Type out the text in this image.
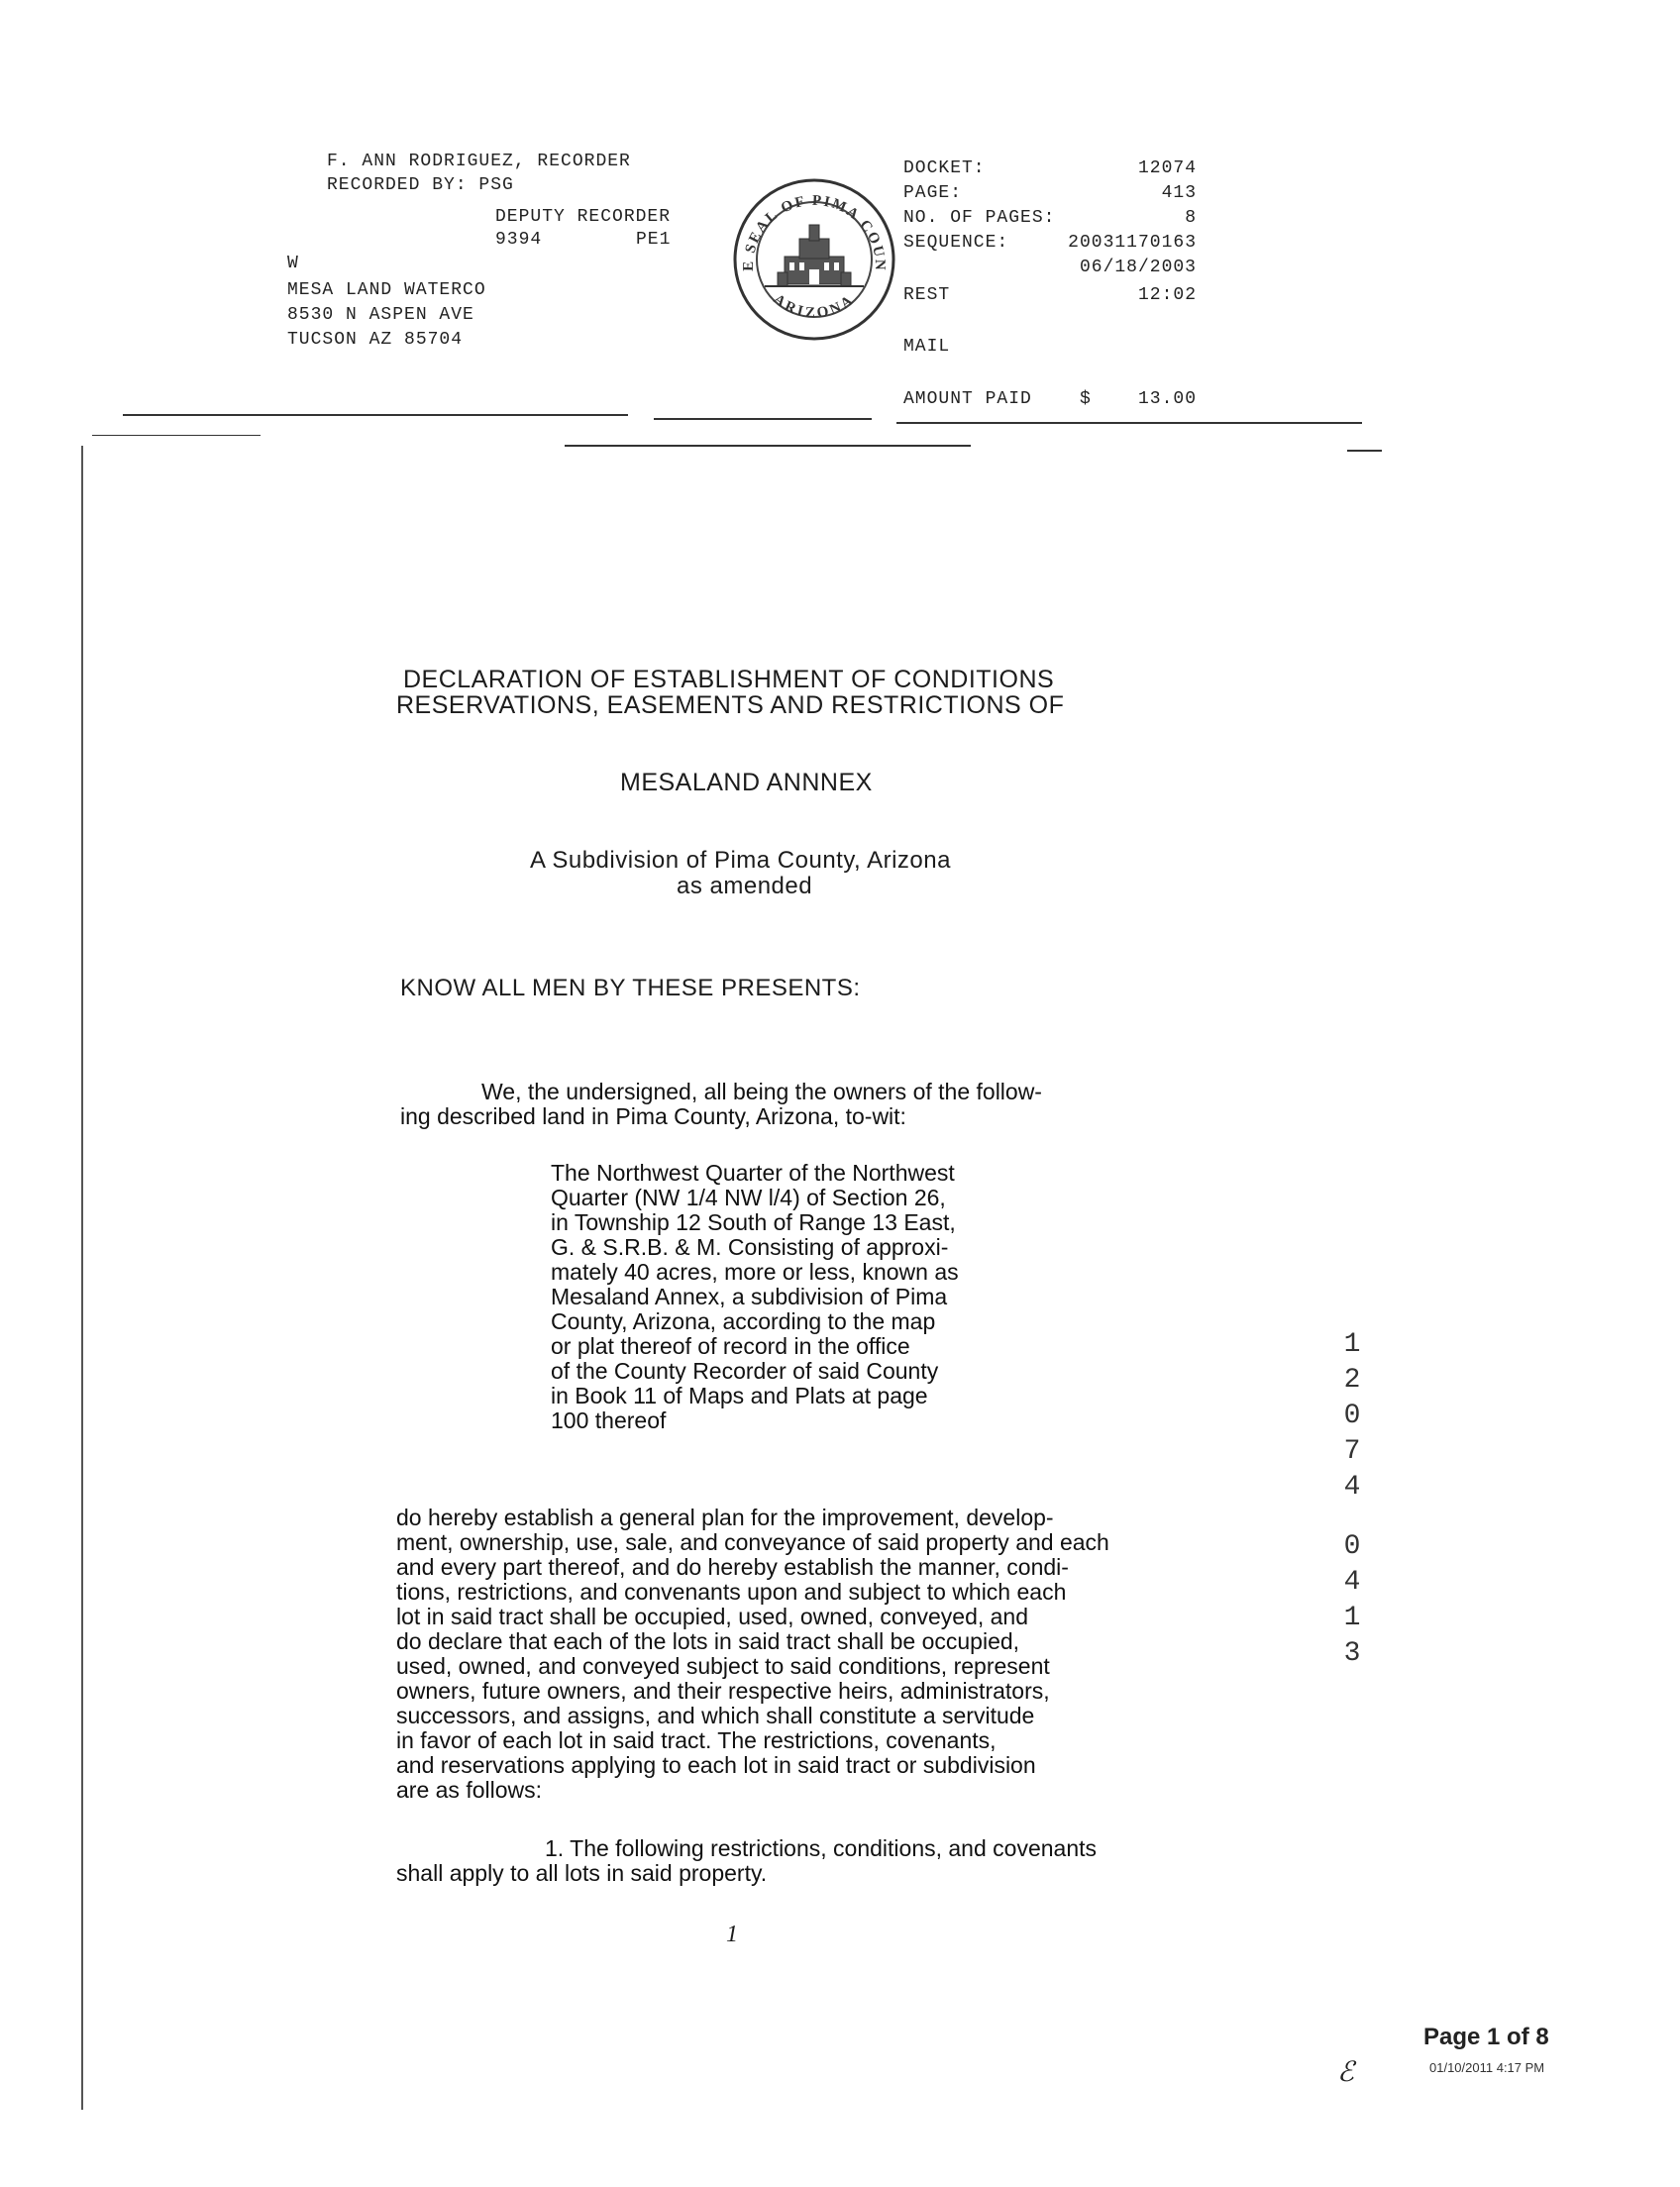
F. ANN RODRIGUEZ, RECORDER
RECORDED BY: PSG
DEPUTY RECORDER
9394	PE1
W
MESA LAND WATERCO
8530 N ASPEN AVE
TUCSON AZ 85704
E SEAL OF PIMA COUN
ARIZONA
DOCKET:	12074
PAGE:	413
NO. OF PAGES:	8
SEQUENCE:	20031170163
06/18/2003
REST	12:02
MAIL
AMOUNT PAID	$	13.00
DECLARATION OF ESTABLISHMENT OF CONDITIONS
RESERVATIONS, EASEMENTS AND RESTRICTIONS OF
MESALAND ANNNEX
A Subdivision of Pima County, Arizona
as amended
KNOW ALL MEN BY THESE PRESENTS:
We, the undersigned, all being the owners of the follow-
ing described land in Pima County, Arizona, to-wit:
The Northwest Quarter of the Northwest
Quarter (NW 1/4 NW l/4) of Section 26,
in Township 12 South of Range 13 East,
G. & S.R.B. & M. Consisting of approxi-
mately 40 acres, more or less, known as
Mesaland Annex, a subdivision of Pima
County, Arizona, according to the map
or plat thereof of record in the office
of the County Recorder of said County
in Book 11 of Maps and Plats at page
100 thereof
1
2
0
7
4
0
4
1
3
do hereby establish a general plan for the improvement, develop-
ment, ownership, use, sale, and conveyance of said property and each
and every part thereof, and do hereby establish the manner, condi-
tions, restrictions, and convenants upon and subject to which each
lot in said tract shall be occupied, used, owned, conveyed, and
do declare that each of the lots in said tract shall be occupied,
used, owned, and conveyed subject to said conditions, represent
owners, future owners, and their respective heirs, administrators,
successors, and assigns, and which shall constitute a servitude
in favor of each lot in said tract. The restrictions, covenants,
and reservations applying to each lot in said tract or subdivision
are as follows:
1. The following restrictions, conditions, and covenants
shall apply to all lots in said property.
1
Page 1 of 8
01/10/2011 4:17 PM
ℰ
